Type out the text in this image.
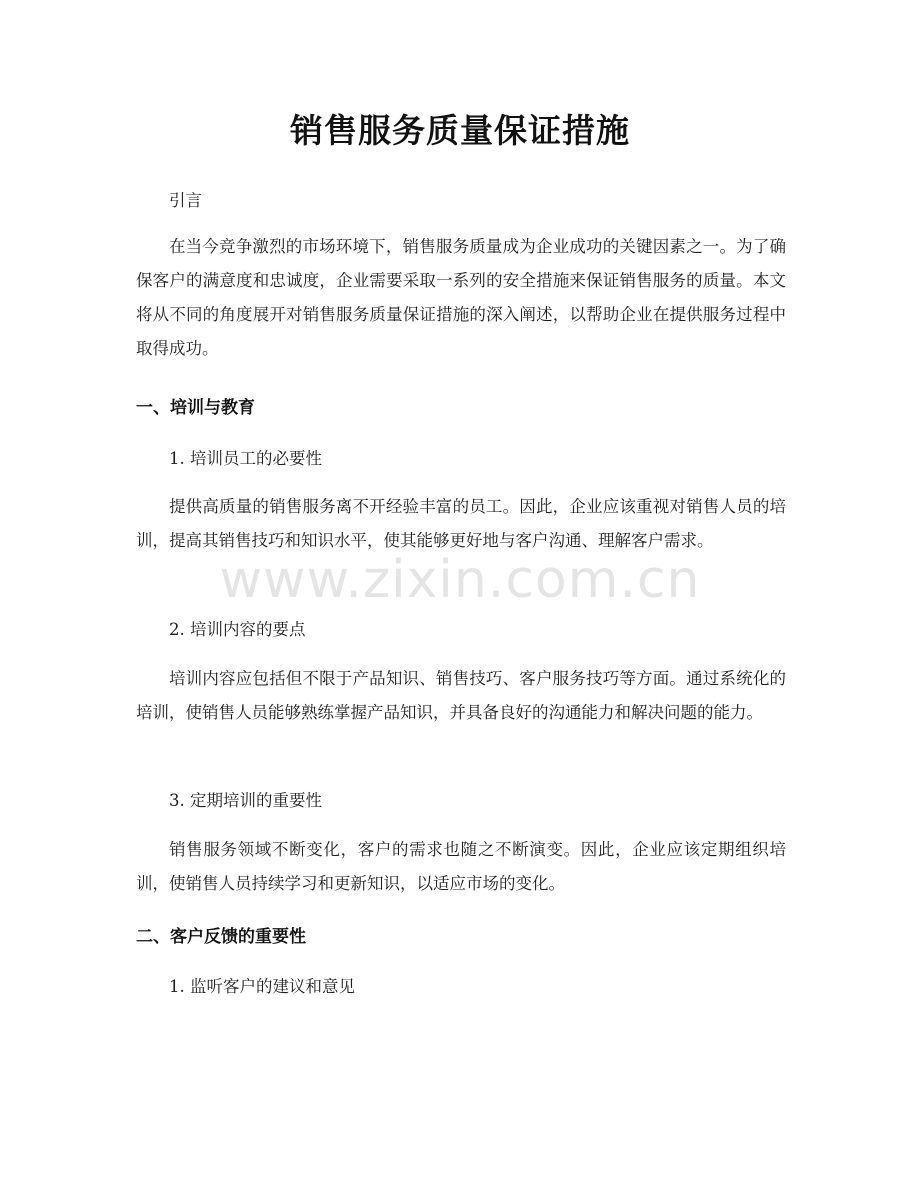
销售服务质量保证措施

引言

在当今竞争激烈的市场环境下，销售服务质量成为企业成功的关键因素之一。为了确保客户的满意度和忠诚度，企业需要采取一系列的安全措施来保证销售服务的质量。本文将从不同的角度展开对销售服务质量保证措施的深入阐述，以帮助企业在提供服务过程中取得成功。

一、培训与教育

1. 培训员工的必要性

提供高质量的销售服务离不开经验丰富的员工。因此，企业应该重视对销售人员的培训，提高其销售技巧和知识水平，使其能够更好地与客户沟通、理解客户需求。

2. 培训内容的要点

培训内容应包括但不限于产品知识、销售技巧、客户服务技巧等方面。通过系统化的培训，使销售人员能够熟练掌握产品知识，并具备良好的沟通能力和解决问题的能力。

3. 定期培训的重要性

销售服务领域不断变化，客户的需求也随之不断演变。因此，企业应该定期组织培训，使销售人员持续学习和更新知识，以适应市场的变化。

二、客户反馈的重要性

1. 监听客户的建议和意见

www.zixin.com.cn
